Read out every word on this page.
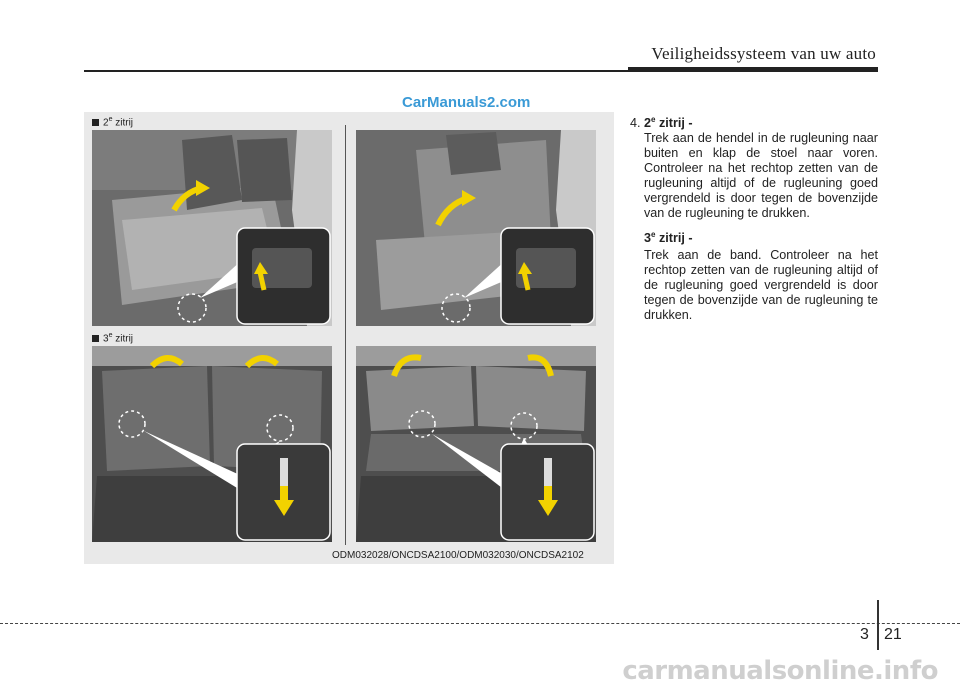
Veiligheidssysteem van uw auto
CarManuals2.com
2e zitrij
3e zitrij
ODM032028/ONCDSA2100/ODM032030/ONCDSA2102
4. 2e zitrij -

Trek aan de hendel in de rugleuning naar buiten en klap de stoel naar voren. Controleer na het rechtop zetten van de rugleuning altijd of de rugleuning goed vergrendeld is door tegen de bovenzijde van de rugleuning te drukken.

3e zitrij -

Trek aan de band. Controleer na het rechtop zetten van de rugleuning altijd of de rugleuning goed vergrendeld is door tegen de bovenzijde van de rugleuning te drukken.

3 21
carmanualsonline.info
